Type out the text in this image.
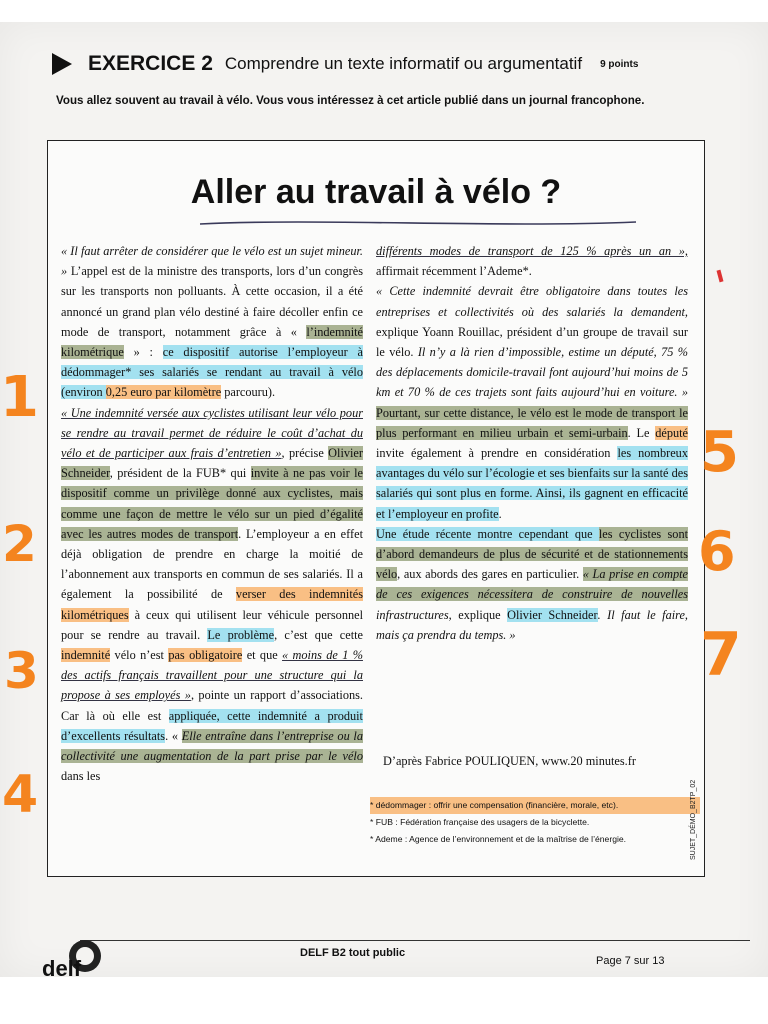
EXERCICE 2 Comprendre un texte informatif ou argumentatif 9 points
Vous allez souvent au travail à vélo. Vous vous intéressez à cet article publié dans un journal francophone.
Aller au travail à vélo ?

« Il faut arrêter de considérer que le vélo est un sujet mineur. » L’appel est de la ministre des transports, lors d’un congrès sur les transports non polluants. À cette occasion, il a été annoncé un grand plan vélo destiné à faire décoller enfin ce mode de transport, notamment grâce à « l’indemnité kilométrique » : ce dispositif autorise l’employeur à dédommager* ses salariés se rendant au travail à vélo (environ 0,25 euro par kilomètre parcouru).

« Une indemnité versée aux cyclistes utilisant leur vélo pour se rendre au travail permet de réduire le coût d’achat du vélo et de participer aux frais d’entretien », précise Olivier Schneider, président de la FUB* qui invite à ne pas voir le dispositif comme un privilège donné aux cyclistes, mais comme une façon de mettre le vélo sur un pied d’égalité avec les autres modes de transport. L’employeur a en effet déjà obligation de prendre en charge la moitié de l’abonnement aux transports en commun de ses salariés. Il a également la possibilité de verser des indemnités kilométriques à ceux qui utilisent leur véhicule personnel pour se rendre au travail. Le problème, c’est que cette indemnité vélo n’est pas obligatoire et que « moins de 1 % des actifs français travaillent pour une structure qui la propose à ses employés », pointe un rapport d’associations. Car là où elle est appliquée, cette indemnité a produit d’excellents résultats. « Elle entraîne dans l’entreprise ou la collectivité une augmentation de la part prise par le vélo dans les

différents modes de transport de 125 % après un an », affirmait récemment l’Ademe*.

« Cette indemnité devrait être obligatoire dans toutes les entreprises et collectivités où des salariés la demandent, explique Yoann Rouillac, président d’un groupe de travail sur le vélo. Il n’y a là rien d’impossible, estime un député, 75 % des déplacements domicile-travail font aujourd’hui moins de 5 km et 70 % de ces trajets sont faits aujourd’hui en voiture. » Pourtant, sur cette distance, le vélo est le mode de transport le plus performant en milieu urbain et semi-urbain. Le député invite également à prendre en considération les nombreux avantages du vélo sur l’écologie et ses bienfaits sur la santé des salariés qui sont plus en forme. Ainsi, ils gagnent en efficacité et l’employeur en profite.

Une étude récente montre cependant que les cyclistes sont d’abord demandeurs de plus de sécurité et de stationnements vélo, aux abords des gares en particulier. « La prise en compte de ces exigences nécessitera de construire de nouvelles infrastructures, explique Olivier Schneider. Il faut le faire, mais ça prendra du temps. »

D’après Fabrice POULIQUEN, www.20 minutes.fr
* dédommager : offrir une compensation (financière, morale, etc).
* FUB : Fédération française des usagers de la bicyclette.
* Ademe : Agence de l’environnement et de la maîtrise de l’énergie.
1
2
3
4
5
6
7
SUJET_DÉMO_B2TP_02
delf
DELF B2 tout public
Page 7 sur 13
